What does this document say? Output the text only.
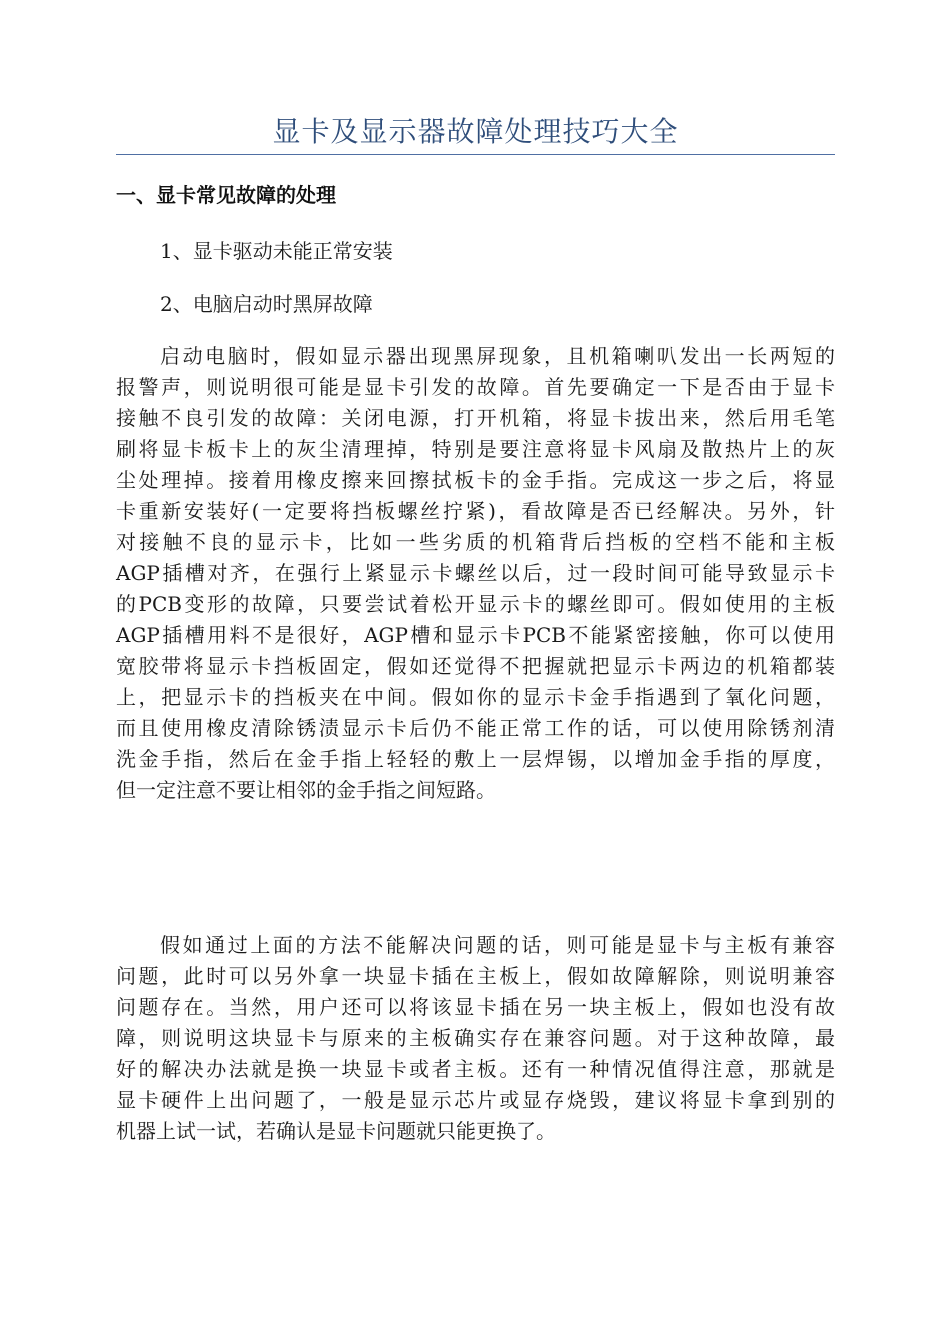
显卡及显示器故障处理技巧大全
一、显卡常见故障的处理
1、显卡驱动未能正常安装
2、电脑启动时黑屏故障
启动电脑时，假如显示器出现黑屏现象，且机箱喇叭发出一长两短的
报警声，则说明很可能是显卡引发的故障。首先要确定一下是否由于显卡
接触不良引发的故障：关闭电源，打开机箱，将显卡拔出来，然后用毛笔
刷将显卡板卡上的灰尘清理掉，特别是要注意将显卡风扇及散热片上的灰
尘处理掉。接着用橡皮擦来回擦拭板卡的金手指。完成这一步之后，将显
卡重新安装好(一定要将挡板螺丝拧紧)，看故障是否已经解决。另外，针
对接触不良的显示卡，比如一些劣质的机箱背后挡板的空档不能和主板
AGP插槽对齐，在强行上紧显示卡螺丝以后，过一段时间可能导致显示卡
的PCB变形的故障，只要尝试着松开显示卡的螺丝即可。假如使用的主板
AGP插槽用料不是很好，AGP槽和显示卡PCB不能紧密接触，你可以使用
宽胶带将显示卡挡板固定，假如还觉得不把握就把显示卡两边的机箱都装
上，把显示卡的挡板夹在中间。假如你的显示卡金手指遇到了氧化问题，
而且使用橡皮清除锈渍显示卡后仍不能正常工作的话，可以使用除锈剂清
洗金手指，然后在金手指上轻轻的敷上一层焊锡，以增加金手指的厚度，
但一定注意不要让相邻的金手指之间短路。
假如通过上面的方法不能解决问题的话，则可能是显卡与主板有兼容
问题，此时可以另外拿一块显卡插在主板上，假如故障解除，则说明兼容
问题存在。当然，用户还可以将该显卡插在另一块主板上，假如也没有故
障，则说明这块显卡与原来的主板确实存在兼容问题。对于这种故障，最
好的解决办法就是换一块显卡或者主板。还有一种情况值得注意，那就是
显卡硬件上出问题了，一般是显示芯片或显存烧毁，建议将显卡拿到别的
机器上试一试，若确认是显卡问题就只能更换了。
